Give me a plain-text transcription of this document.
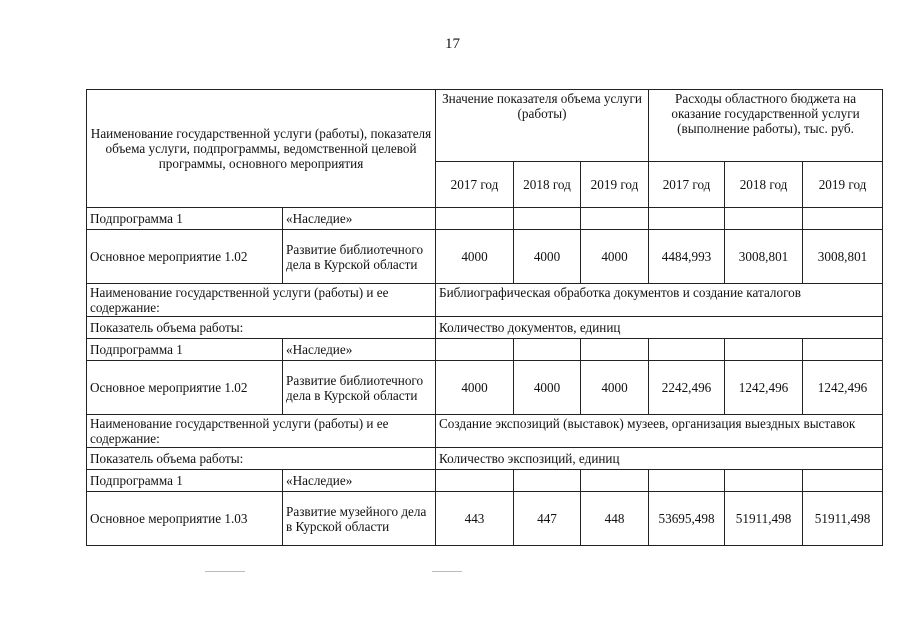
17
Наименование государственной услуги (работы), показателя объема услуги, подпрограммы, ведомственной целевой программы, основного мероприятия		Значение показателя объема услуги (работы)			Расходы областного бюджета на оказание государственной услуги (выполнение работы), тыс. руб.		
		2017 год	2018 год	2019 год	2017 год	2018 год	2019 год
Подпрограмма 1	«Наследие»						
Основное мероприятие 1.02	Развитие библиотечного дела в Курской области	4000	4000	4000	4484,993	3008,801	3008,801
Наименование государственной услуги (работы) и ее содержание:		Библиографическая обработка документов и создание каталогов					
Показатель объема работы:		Количество документов, единиц					
Подпрограмма 1	«Наследие»						
Основное мероприятие 1.02	Развитие библиотечного дела в Курской области	4000	4000	4000	2242,496	1242,496	1242,496
Наименование государственной услуги (работы) и ее содержание:		Создание экспозиций (выставок) музеев, организация выездных выставок					
Показатель объема работы:		Количество экспозиций, единиц					
Подпрограмма 1	«Наследие»						
Основное мероприятие 1.03	Развитие музейного дела в Курской области	443	447	448	53695,498	51911,498	51911,498
